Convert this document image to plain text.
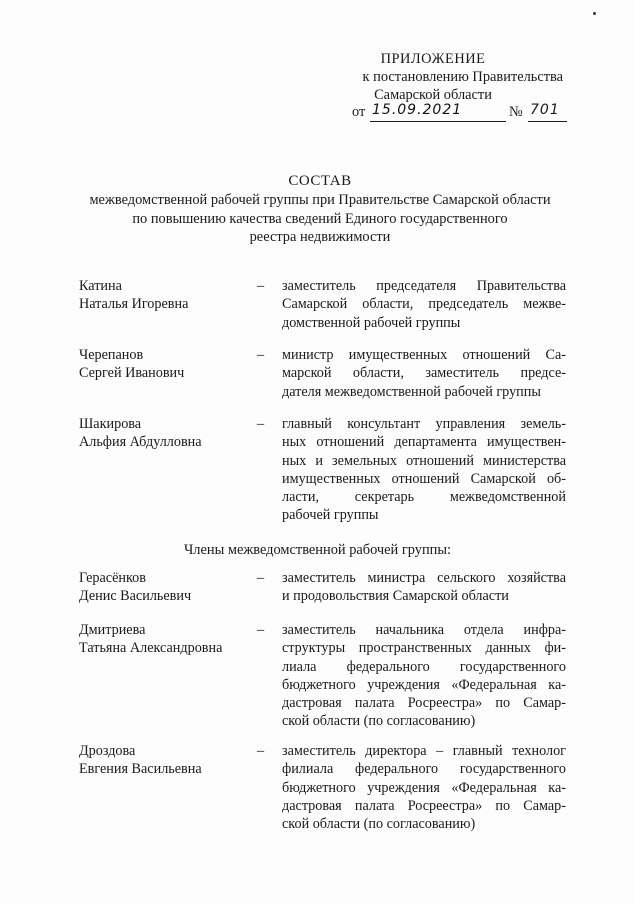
ПРИЛОЖЕНИЕ
к постановлению Правительства
Самарской области
от 15.09.2021	№ 701
СОСТАВ
межведомственной рабочей группы при Правительстве Самарской области
по повышению качества сведений Единого государственного
реестра недвижимости
Катина
Наталья Игоревна
– заместитель председателя Правительства
Самарской области, председатель межве-
домственной рабочей группы
Черепанов
Сергей Иванович
– министр имущественных отношений Са-
марской области, заместитель предсе-
дателя межведомственной рабочей группы
Шакирова
Альфия Абдулловна
– главный консультант управления земель-
ных отношений департамента имуществен-
ных и земельных отношений министерства
имущественных отношений Самарской об-
ласти, секретарь межведомственной
рабочей группы
Члены межведомственной рабочей группы:
Герасёнков
Денис Васильевич
– заместитель министра сельского хозяйства
и продовольствия Самарской области
Дмитриева
Татьяна Александровна
– заместитель начальника отдела инфра-
структуры пространственных данных фи-
лиала федерального государственного
бюджетного учреждения «Федеральная ка-
дастровая палата Росреестра» по Самар-
ской области (по согласованию)
Дроздова
Евгения Васильевна
– заместитель директора – главный технолог
филиала федерального государственного
бюджетного учреждения «Федеральная ка-
дастровая палата Росреестра» по Самар-
ской области (по согласованию)
